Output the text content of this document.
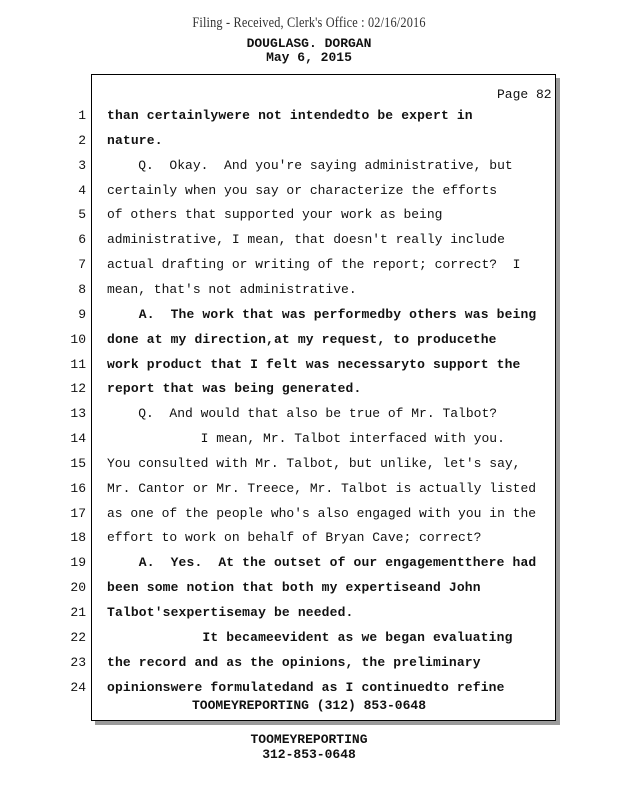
Filing - Received, Clerk's Office : 02/16/2016
DOUGLASG. DORGAN
May 6, 2015
Page 82
1 than certainlywere not intendedto be expert in
2 nature.
3 Q.  Okay.  And you're saying administrative, but
4 certainly when you say or characterize the efforts
5 of others that supported your work as being
6 administrative, I mean, that doesn't really include
7 actual drafting or writing of the report; correct?  I
8 mean, that's not administrative.
9 A.  The work that was performedby others was being
10 done at my direction,at my request, to producethe
11 work product that I felt was necessaryto support the
12 report that was being generated.
13 Q.  And would that also be true of Mr. Talbot?
14 I mean, Mr. Talbot interfaced with you.
15 You consulted with Mr. Talbot, but unlike, let's say,
16 Mr. Cantor or Mr. Treece, Mr. Talbot is actually listed
17 as one of the people who's also engaged with you in the
18 effort to work on behalf of Bryan Cave; correct?
19 A.  Yes.  At the outset of our engagementthere had
20 been some notion that both my expertiseand John
21 Talbot'sexpertisemay be needed.
22 It becameevident as we began evaluating
23 the record and as the opinions, the preliminary
24 opinionswere formulatedand as I continuedto refine
TOOMEYREPORTING (312) 853-0648
TOOMEYREPORTING
312-853-0648
